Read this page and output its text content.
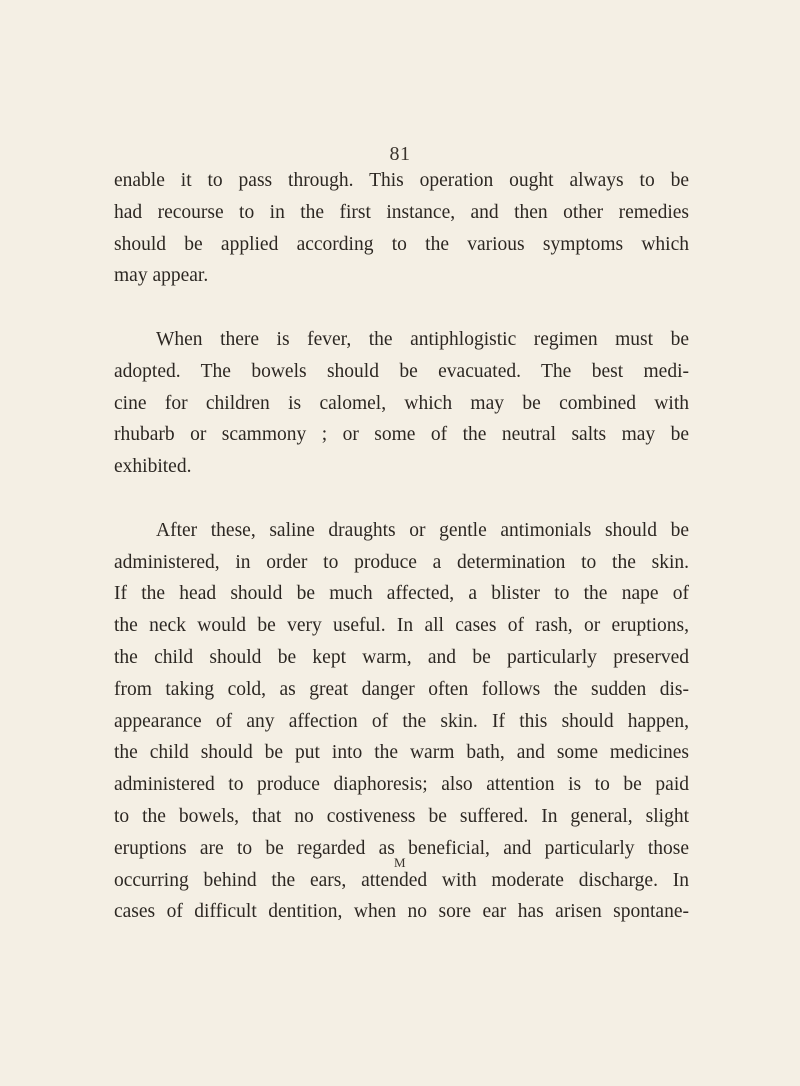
81
enable it to pass through. This operation ought always to be
had recourse to in the first instance, and then other remedies
should be applied according to the various symptoms which
may appear.
When there is fever, the antiphlogistic regimen must be
adopted. The bowels should be evacuated. The best medi-
cine for children is calomel, which may be combined with
rhubarb or scammony ; or some of the neutral salts may be
exhibited.
After these, saline draughts or gentle antimonials should be
administered, in order to produce a determination to the skin.
If the head should be much affected, a blister to the nape of
the neck would be very useful. In all cases of rash, or eruptions,
the child should be kept warm, and be particularly preserved
from taking cold, as great danger often follows the sudden dis-
appearance of any affection of the skin. If this should happen,
the child should be put into the warm bath, and some medicines
administered to produce diaphoresis; also attention is to be paid
to the bowels, that no costiveness be suffered. In general, slight
eruptions are to be regarded as beneficial, and particularly those
occurring behind the ears, attended with moderate discharge. In
cases of difficult dentition, when no sore ear has arisen spontane-
M
